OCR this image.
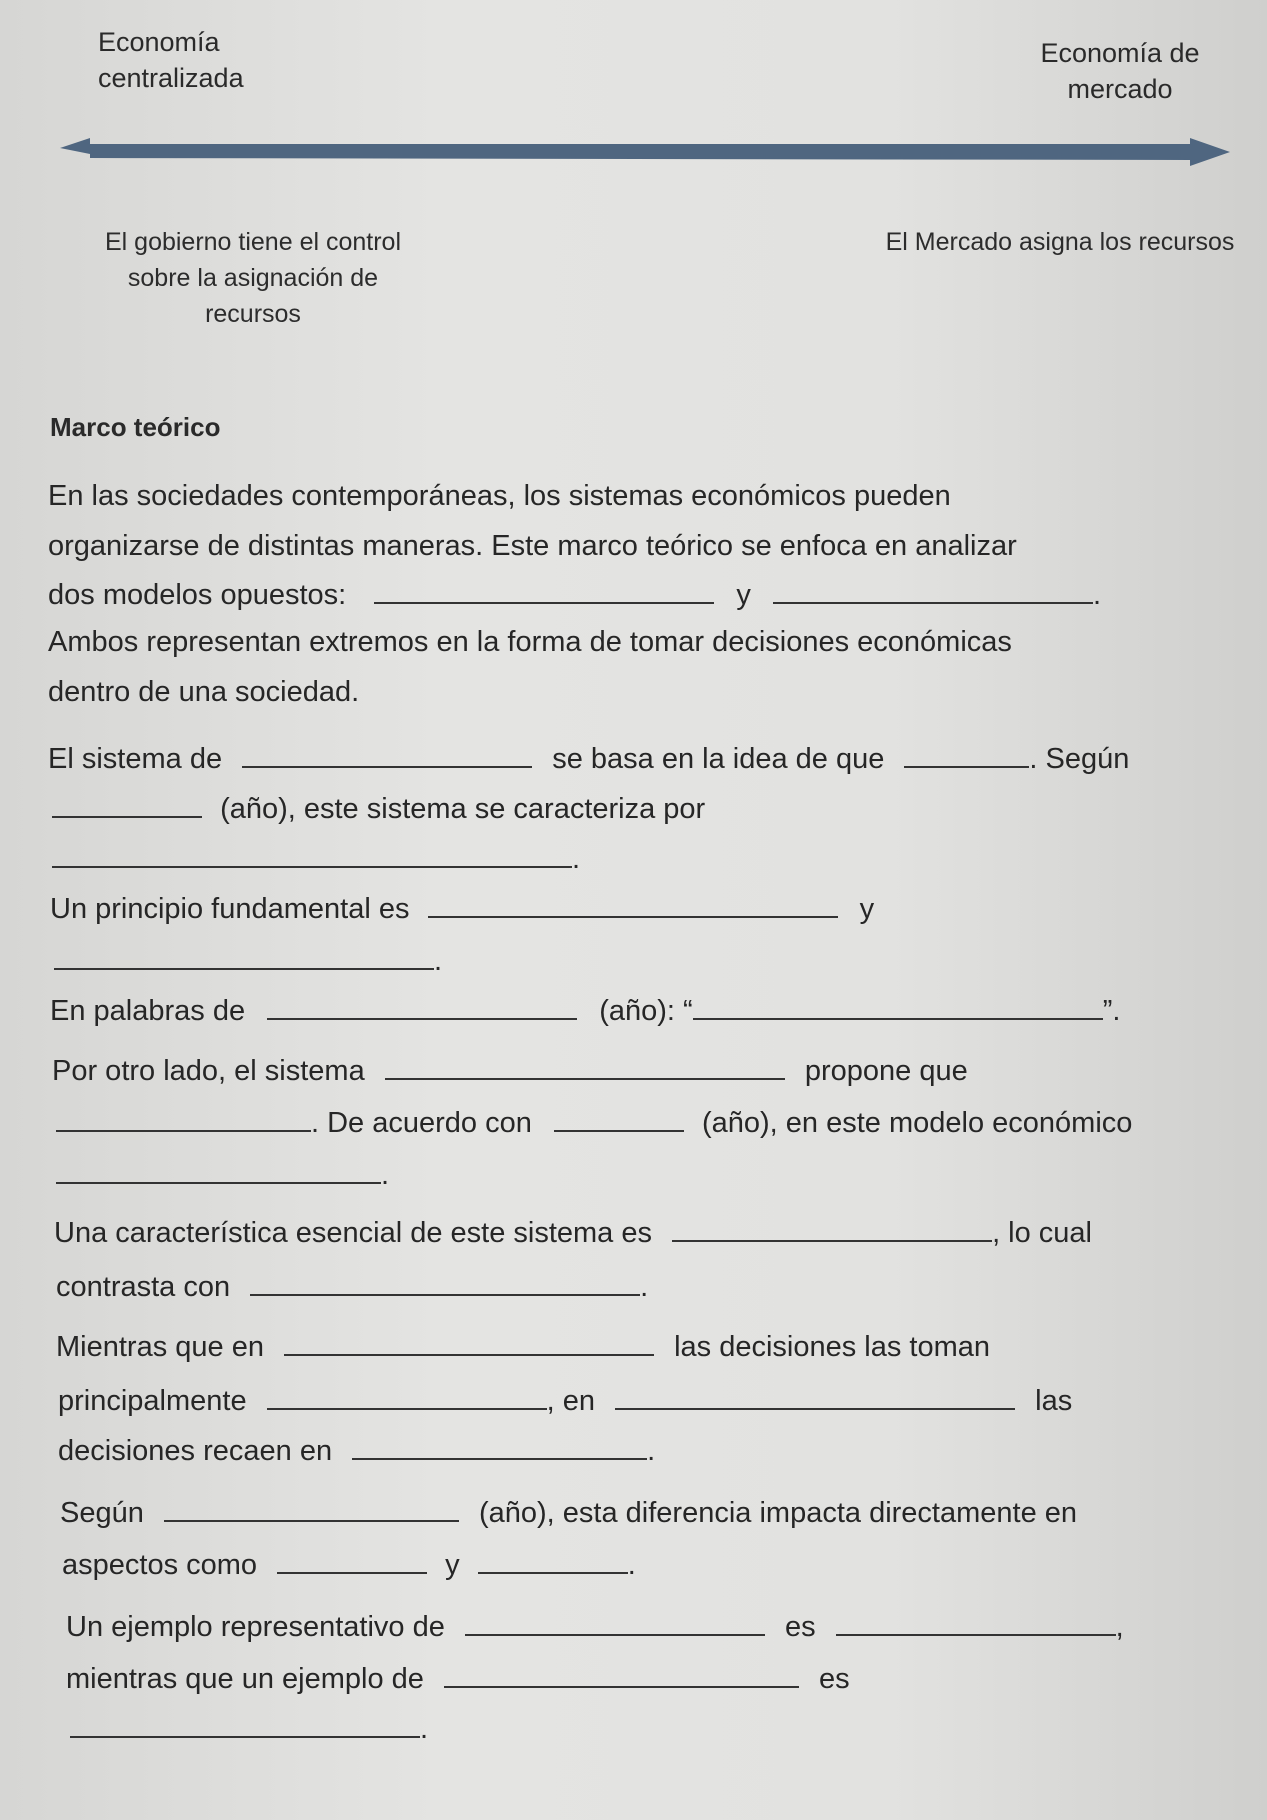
Economía centralizada
Economía de mercado
El gobierno tiene el control sobre la asignación de recursos
El Mercado asigna los recursos
Marco teórico
En las sociedades contemporáneas, los sistemas económicos pueden
organizarse de distintas maneras. Este marco teórico se enfoca en analizar
dos modelos opuestos:	y	.
Ambos representan extremos en la forma de tomar decisiones económicas
dentro de una sociedad.
El sistema de	se basa en la idea de que	. Según
(año), este sistema se caracteriza por
.
Un principio fundamental es	y
.
En palabras de	(año): “	”.
Por otro lado, el sistema	propone que
. De acuerdo con	(año), en este modelo económico
.
Una característica esencial de este sistema es	, lo cual
contrasta con	.
Mientras que en	las decisiones las toman
principalmente	, en	las
decisiones recaen en	.
Según	(año), esta diferencia impacta directamente en
aspectos como	y	.
Un ejemplo representativo de	es	,
mientras que un ejemplo de	es
.
